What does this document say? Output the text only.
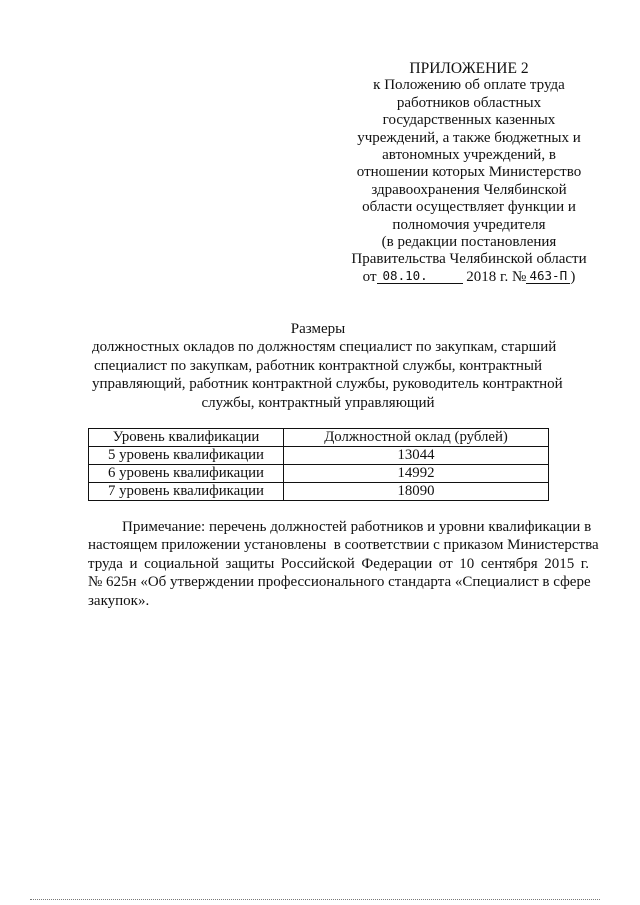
ПРИЛОЖЕНИЕ 2
к Положению об оплате труда
работников областных
государственных казенных
учреждений, а также бюджетных и
автономных учреждений, в
отношении которых Министерство
здравоохранения Челябинской
области осуществляет функции и
полномочия учредителя
(в редакции постановления
Правительства Челябинской области
от 08.10.	2018 г. № 463-П )
Размеры
должностных окладов по должностям специалист по закупкам, старший
специалист по закупкам, работник контрактной службы, контрактный
управляющий, работник контрактной службы, руководитель контрактной
службы, контрактный управляющий
Уровень квалификации	Должностной оклад (рублей)
5 уровень квалификации	13044
6 уровень квалификации	14992
7 уровень квалификации	18090

Примечание: перечень должностей работников и уровни квалификации в

настоящем приложении установлены  в соответствии с приказом Министерства
труда и социальной защиты Российской Федерации от 10 сентября 2015 г.
№ 625н «Об утверждении профессионального стандарта «Специалист в сфере
закупок».
